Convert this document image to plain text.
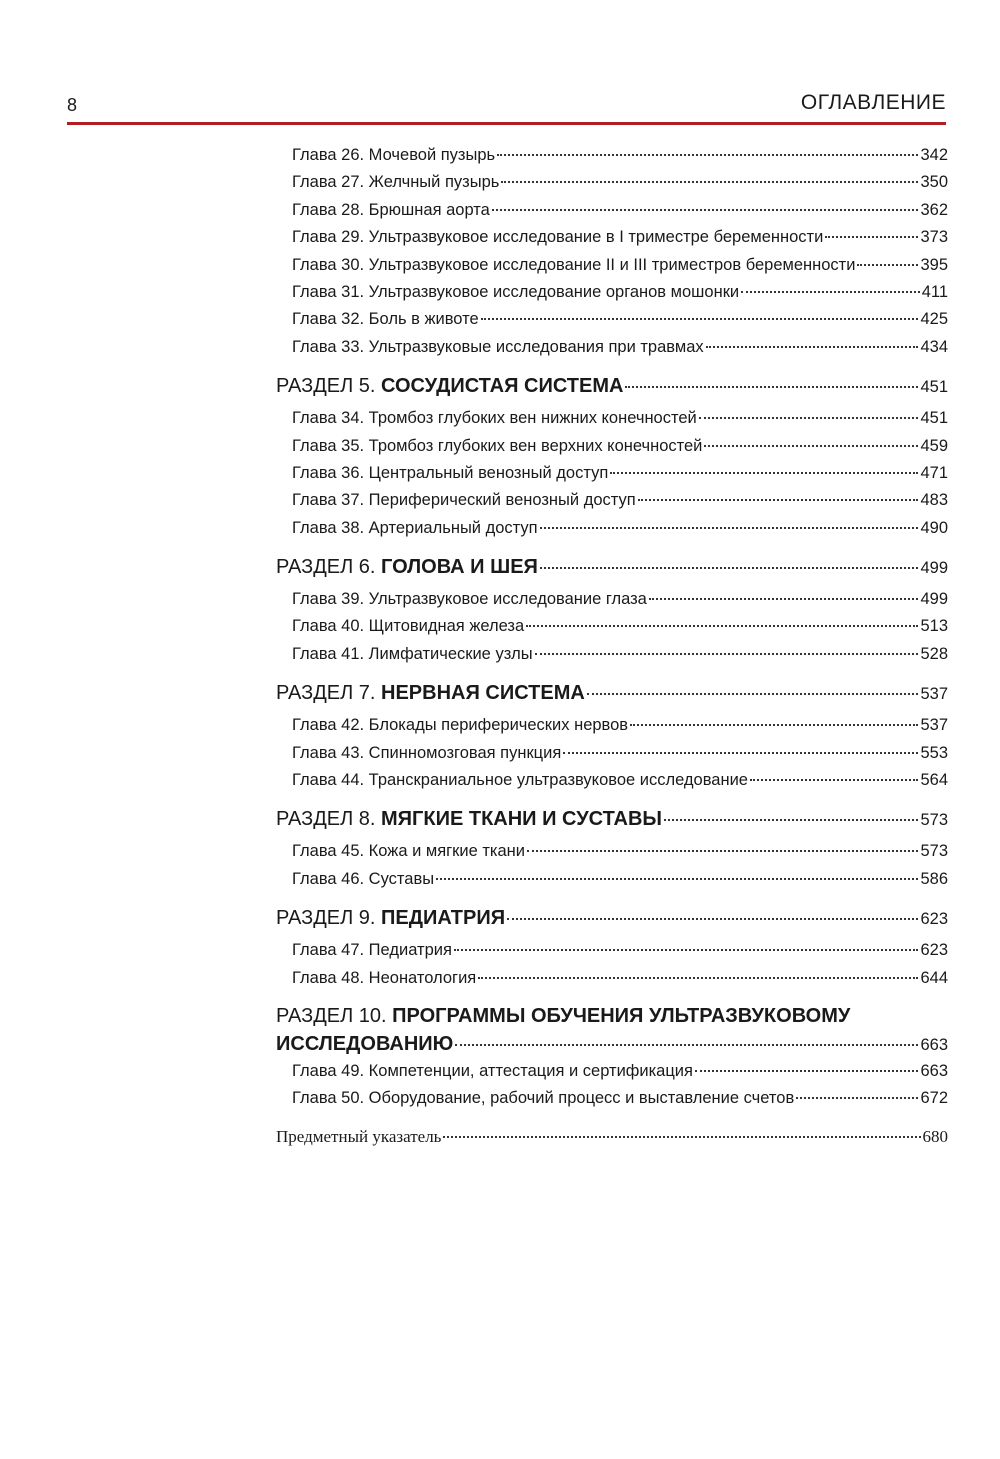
8	ОГЛАВЛЕНИЕ
Глава 26. Мочевой пузырь	342
Глава 27. Желчный пузырь	350
Глава 28. Брюшная аорта	362
Глава 29. Ультразвуковое исследование в I триместре беременности	373
Глава 30. Ультразвуковое исследование II и III триместров беременности	395
Глава 31. Ультразвуковое исследование органов мошонки	411
Глава 32. Боль в животе	425
Глава 33. Ультразвуковые исследования при травмах	434
РАЗДЕЛ 5. СОСУДИСТАЯ СИСТЕМА	451
Глава 34. Тромбоз глубоких вен нижних конечностей	451
Глава 35. Тромбоз глубоких вен верхних конечностей	459
Глава 36. Центральный венозный доступ	471
Глава 37. Периферический венозный доступ	483
Глава 38. Артериальный доступ	490
РАЗДЕЛ 6. ГОЛОВА И ШЕЯ	499
Глава 39. Ультразвуковое исследование глаза	499
Глава 40. Щитовидная железа	513
Глава 41. Лимфатические узлы	528
РАЗДЕЛ 7. НЕРВНАЯ СИСТЕМА	537
Глава 42. Блокады периферических нервов	537
Глава 43. Спинномозговая пункция	553
Глава 44. Транскраниальное ультразвуковое исследование	564
РАЗДЕЛ 8. МЯГКИЕ ТКАНИ И СУСТАВЫ	573
Глава 45. Кожа и мягкие ткани	573
Глава 46. Суставы	586
РАЗДЕЛ 9. ПЕДИАТРИЯ	623
Глава 47. Педиатрия	623
Глава 48. Неонатология	644
РАЗДЕЛ 10. ПРОГРАММЫ ОБУЧЕНИЯ УЛЬТРАЗВУКОВОМУ
ИССЛЕДОВАНИЮ	663
Глава 49. Компетенции, аттестация и сертификация	663
Глава 50. Оборудование, рабочий процесс и выставление счетов	672
Предметный указатель	680
